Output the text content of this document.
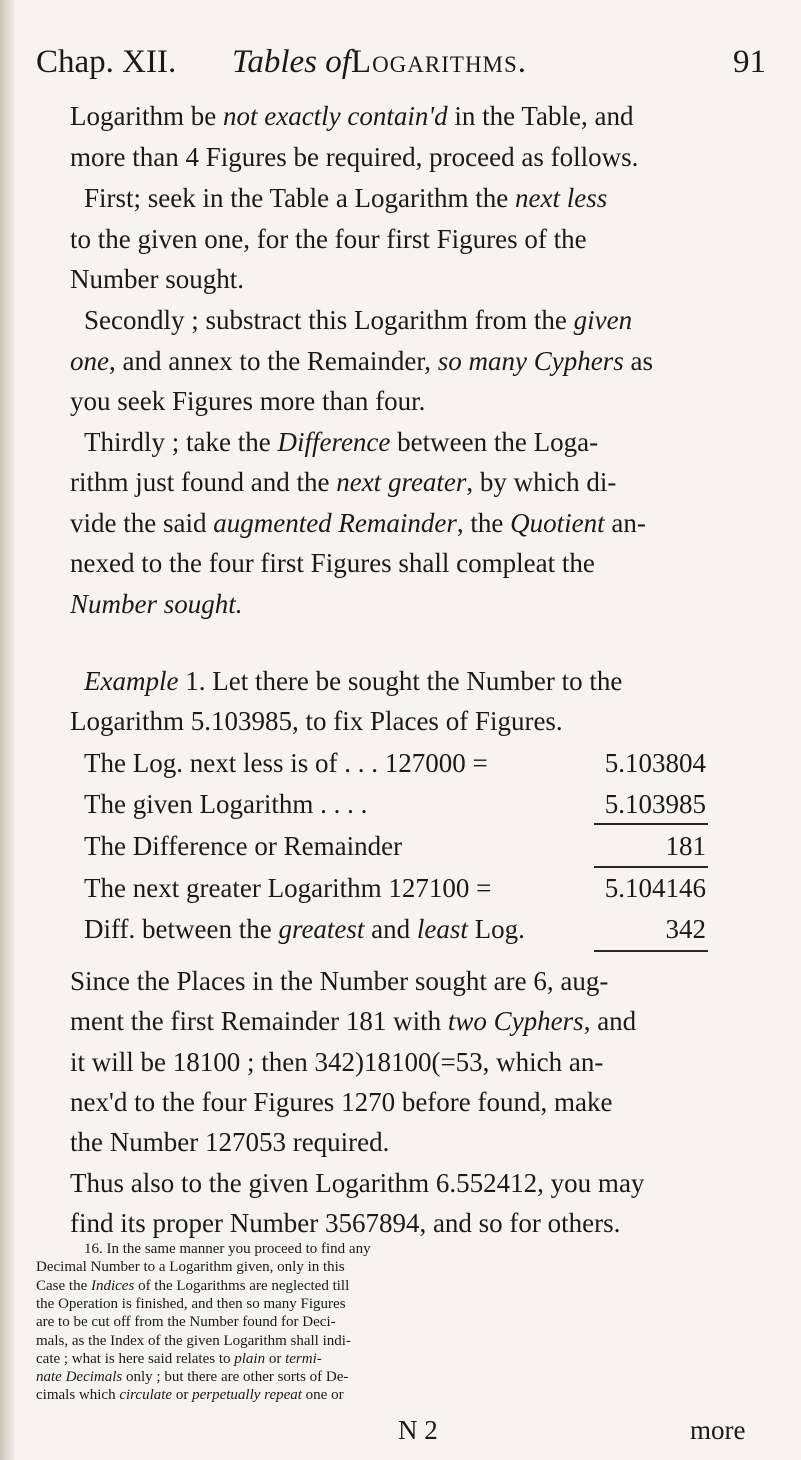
Chap. XII. Tables ofLogarithms.	91
Logarithm be not exactly contain'd in the Table, and
more than 4 Figures be required, proceed as follows.
First; seek in the Table a Logarithm the next less
to the given one, for the four first Figures of the
Number sought.
Secondly ; substract this Logarithm from the given
one, and annex to the Remainder, so many Cyphers as
you seek Figures more than four.
Thirdly ; take the Difference between the Loga-
rithm just found and the next greater, by which di-
vide the said augmented Remainder, the Quotient an-
nexed to the four first Figures shall compleat the
Number sought.
Example 1. Let there be sought the Number to the
Logarithm 5.103985, to fix Places of Figures.
The Log. next less is of . . . 127000 =	5.103804
The given Logarithm . . . .	5.103985
The Difference or Remainder	181
The next greater Logarithm 127100 =	5.104146
Diff. between the greatest and least Log.	342
Since the Places in the Number sought are 6, aug-
ment the first Remainder 181 with two Cyphers, and
it will be 18100 ; then 342)18100(=53, which an-
nex'd to the four Figures 1270 before found, make
the Number 127053 required.
Thus also to the given Logarithm 6.552412, you may
find its proper Number 3567894, and so for others.
16. In the same manner you proceed to find any
Decimal Number to a Logarithm given, only in this
Case the Indices of the Logarithms are neglected till
the Operation is finished, and then so many Figures
are to be cut off from the Number found for Deci-
mals, as the Index of the given Logarithm shall indi-
cate ; what is here said relates to plain or termi-
nate Decimals only ; but there are other sorts of De-
cimals which circulate or perpetually repeat one or
N 2	more
